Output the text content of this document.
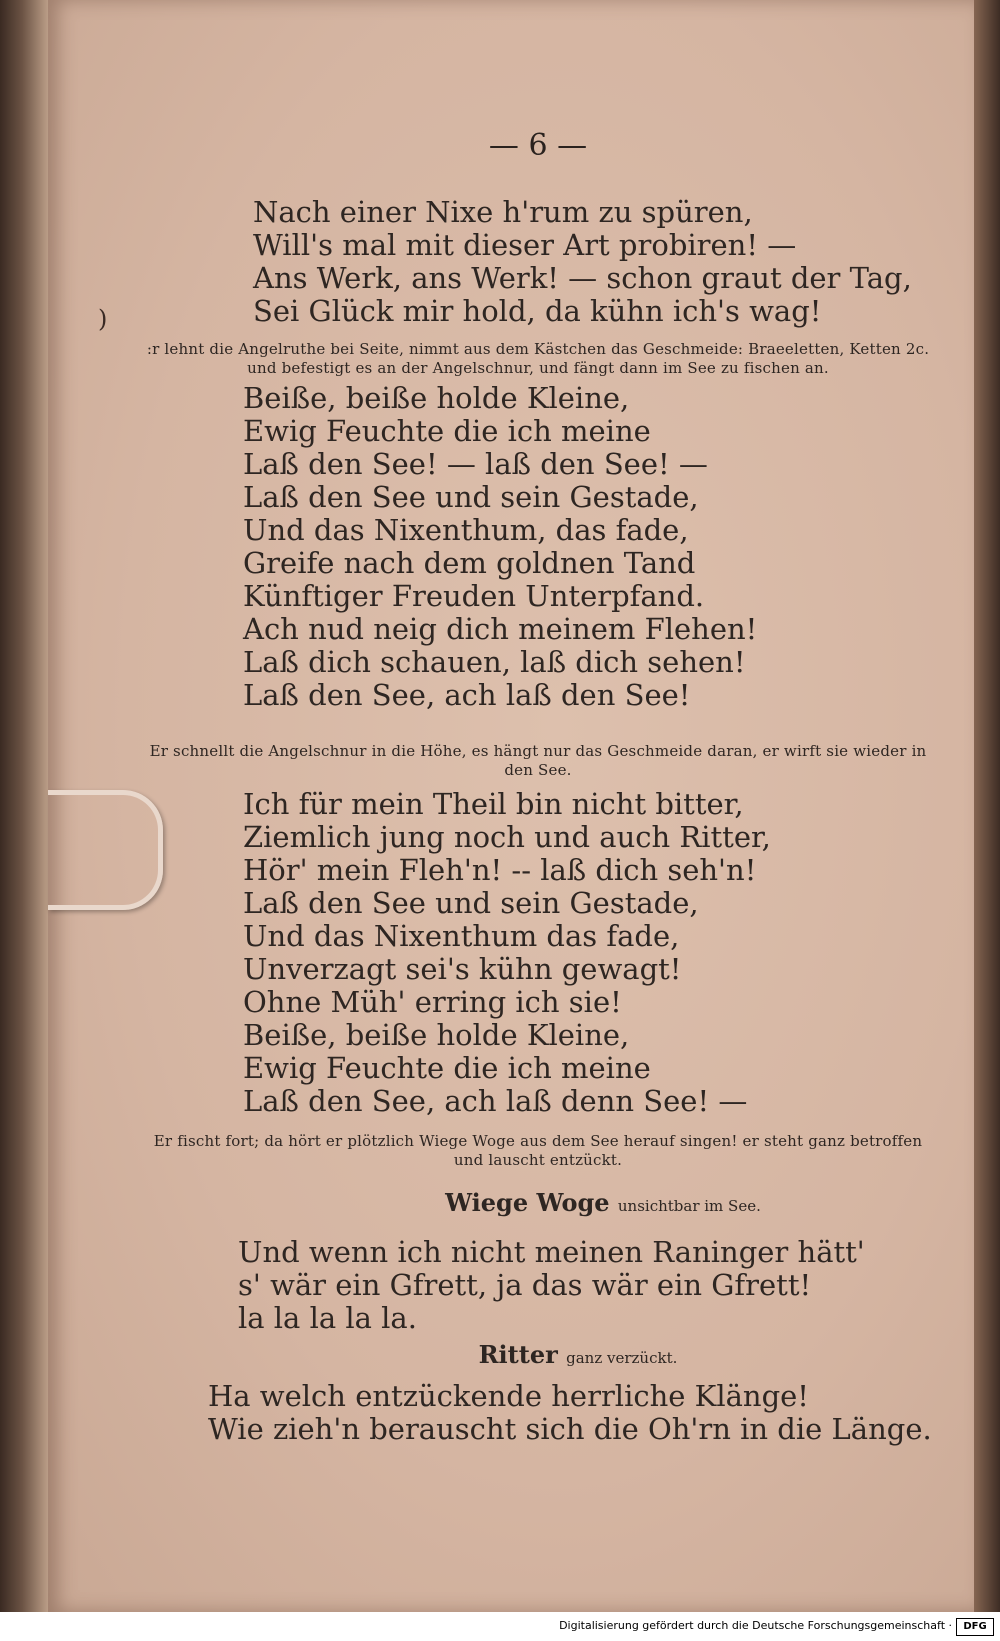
)
— 6 —
Nach einer Nixe h'rum zu spüren,
Will's mal mit dieser Art probiren! —
Ans Werk, ans Werk! — schon graut der Tag,
Sei Glück mir hold, da kühn ich's wag!
:r lehnt die Angelruthe bei Seite, nimmt aus dem Kästchen das Geschmeide: Braeeletten, Ketten 2c. und befestigt es an der Angelschnur, und fängt dann im See zu fischen an.
Beiße, beiße holde Kleine,
Ewig Feuchte die ich meine
Laß den See! — laß den See! —
Laß den See und sein Gestade,
Und das Nixenthum, das fade,
Greife nach dem goldnen Tand
Künftiger Freuden Unterpfand.
Ach nud neig dich meinem Flehen!
Laß dich schauen, laß dich sehen!
Laß den See, ach laß den See!
Er schnellt die Angelschnur in die Höhe, es hängt nur das Geschmeide daran, er wirft sie wieder in den See.
Ich für mein Theil bin nicht bitter,
Ziemlich jung noch und auch Ritter,
Hör' mein Fleh'n! -- laß dich seh'n!
Laß den See und sein Gestade,
Und das Nixenthum das fade,
Unverzagt sei's kühn gewagt!
Ohne Müh' erring ich sie!
Beiße, beiße holde Kleine,
Ewig Feuchte die ich meine
Laß den See, ach laß denn See! —
Er fischt fort; da hört er plötzlich Wiege Woge aus dem See herauf singen! er steht ganz betroffen und lauscht entzückt.
Wiege Woge unsichtbar im See.
Und wenn ich nicht meinen Raninger hätt'
s' wär ein Gfrett, ja das wär ein Gfrett!
la la la la la.
Ritter ganz verzückt.
Ha welch entzückende herrliche Klänge!
Wie zieh'n berauscht sich die Oh'rn in die Länge.
Digitalisierung gefördert durch die Deutsche Forschungsgemeinschaft ·	DFG
